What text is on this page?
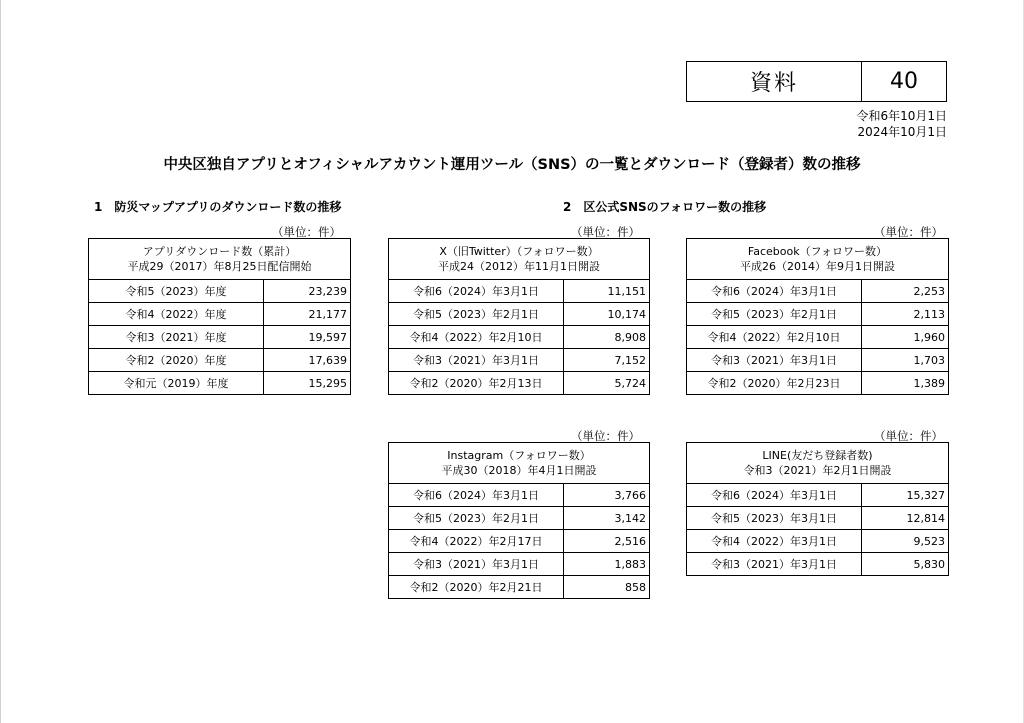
資料	40
令和6年10月1日
2024年10月1日
中央区独自アプリとオフィシャルアカウント運用ツール（SNS）の一覧とダウンロード（登録者）数の推移
1　防災マップアプリのダウンロード数の推移	2　区公式SNSのフォロワー数の推移
（単位：件）
アプリダウンロード数（累計）
平成29（2017）年8月25日配信開始	

令和5（2023）年度	23,239
令和4（2022）年度	21,177
令和3（2021）年度	19,597
令和2（2020）年度	17,639
令和元（2019）年度	15,295
（単位：件）
X（旧Twitter）（フォロワー数）
平成24（2012）年11月1日開設	

令和6（2024）年3月1日	11,151
令和5（2023）年2月1日	10,174
令和4（2022）年2月10日	8,908
令和3（2021）年3月1日	7,152
令和2（2020）年2月13日	5,724
（単位：件）
Facebook（フォロワー数）
平成26（2014）年9月1日開設	

令和6（2024）年3月1日	2,253
令和5（2023）年2月1日	2,113
令和4（2022）年2月10日	1,960
令和3（2021）年3月1日	1,703
令和2（2020）年2月23日	1,389
（単位：件）
Instagram（フォロワー数）
平成30（2018）年4月1日開設	

令和6（2024）年3月1日	3,766
令和5（2023）年2月1日	3,142
令和4（2022）年2月17日	2,516
令和3（2021）年3月1日	1,883
令和2（2020）年2月21日	858
（単位：件）
LINE(友だち登録者数)
令和3（2021）年2月1日開設	

令和6（2024）年3月1日	15,327
令和5（2023）年3月1日	12,814
令和4（2022）年3月1日	9,523
令和3（2021）年3月1日	5,830
